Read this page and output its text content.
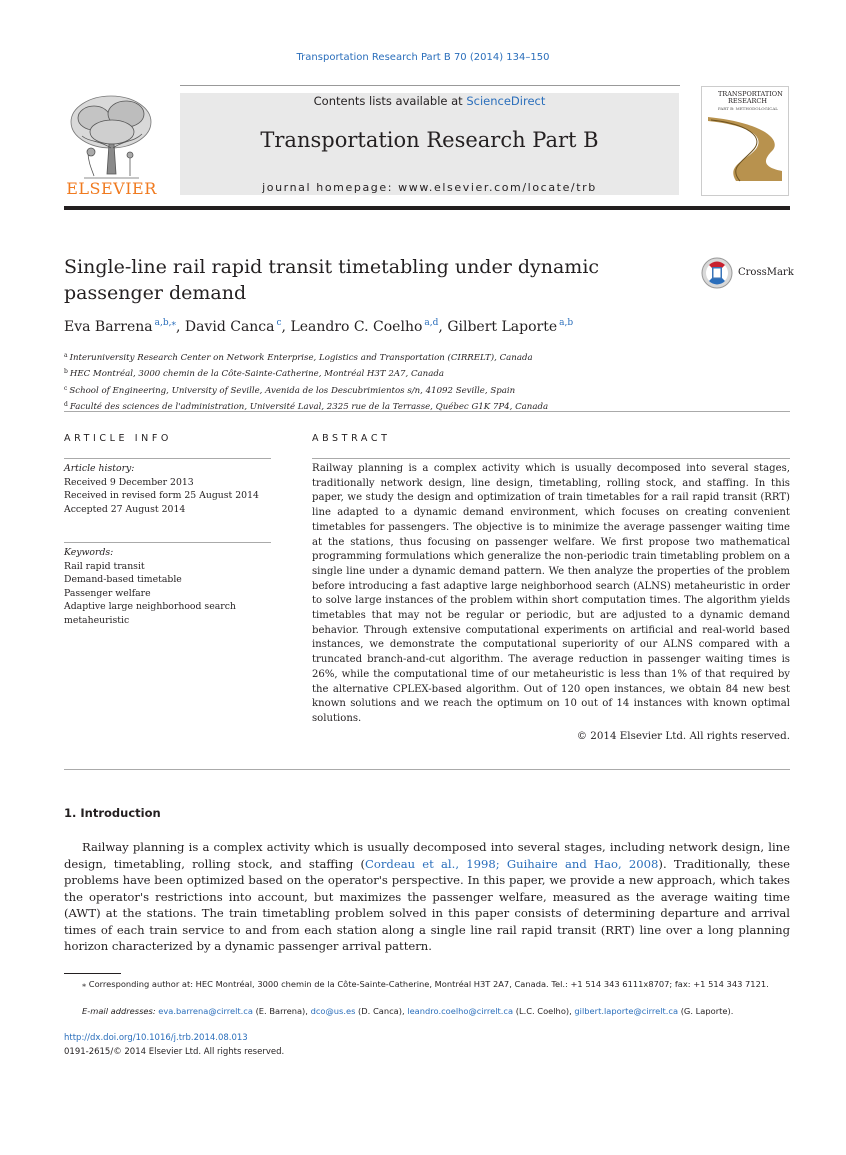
Transportation Research Part B 70 (2014) 134–150
Contents lists available at ScienceDirect
Transportation Research Part B
journal homepage: www.elsevier.com/locate/trb
ELSEVIER
TRANSPORTATION
RESEARCH
PART B: METHODOLOGICAL
Single-line rail rapid transit timetabling under dynamic passenger demand
CrossMark
Eva Barrena $^{a,b,⁎}$, David Canca $^c$, Leandro C. Coelho $^{a,d}$, Gilbert Laporte $^{a,b}$
$^a$ Interuniversity Research Center on Network Enterprise, Logistics and Transportation (CIRRELT), Canada
$^b$ HEC Montréal, 3000 chemin de la Côte-Sainte-Catherine, Montréal H3T 2A7, Canada
$^c$ School of Engineering, University of Seville, Avenida de los Descubrimientos s/n, 41092 Seville, Spain
$^d$ Faculté des sciences de l'administration, Université Laval, 2325 rue de la Terrasse, Québec G1K 7P4, Canada
ARTICLE INFO
Article history:
Received 9 December 2013
Received in revised form 25 August 2014
Accepted 27 August 2014
Keywords:
Rail rapid transit
Demand-based timetable
Passenger welfare
Adaptive large neighborhood search
metaheuristic
ABSTRACT
Railway planning is a complex activity which is usually decomposed into several stages, traditionally network design, line design, timetabling, rolling stock, and staffing. In this paper, we study the design and optimization of train timetables for a rail rapid transit (RRT) line adapted to a dynamic demand environment, which focuses on creating convenient timetables for passengers. The objective is to minimize the average passenger waiting time at the stations, thus focusing on passenger welfare. We first propose two mathematical programming formulations which generalize the non-periodic train timetabling problem on a single line under a dynamic demand pattern. We then analyze the properties of the problem before introducing a fast adaptive large neighborhood search (ALNS) metaheuristic in order to solve large instances of the problem within short computation times. The algorithm yields timetables that may not be regular or periodic, but are adjusted to a dynamic demand behavior. Through extensive computational experiments on artificial and real-world based instances, we demonstrate the computational superiority of our ALNS compared with a truncated branch-and-cut algorithm. The average reduction in passenger waiting times is 26%, while the computational time of our metaheuristic is less than 1% of that required by the alternative CPLEX-based algorithm. Out of 120 open instances, we obtain 84 new best known solutions and we reach the optimum on 10 out of 14 instances with known optimal solutions.
© 2014 Elsevier Ltd. All rights reserved.
1. Introduction
Railway planning is a complex activity which is usually decomposed into several stages, including network design, line design, timetabling, rolling stock, and staffing (Cordeau et al., 1998; Guihaire and Hao, 2008). Traditionally, these problems have been optimized based on the operator's perspective. In this paper, we provide a new approach, which takes the operator's restrictions into account, but maximizes the passenger welfare, measured as the average waiting time (AWT) at the stations. The train timetabling problem solved in this paper consists of determining departure and arrival times of each train service to and from each station along a single line rail rapid transit (RRT) line over a long planning horizon characterized by a dynamic passenger arrival pattern.
⁎ Corresponding author at: HEC Montréal, 3000 chemin de la Côte-Sainte-Catherine, Montréal H3T 2A7, Canada. Tel.: +1 514 343 6111x8707; fax: +1 514 343 7121.
E-mail addresses: eva.barrena@cirrelt.ca (E. Barrena), dco@us.es (D. Canca), leandro.coelho@cirrelt.ca (L.C. Coelho), gilbert.laporte@cirrelt.ca (G. Laporte).
http://dx.doi.org/10.1016/j.trb.2014.08.013
0191-2615/© 2014 Elsevier Ltd. All rights reserved.
